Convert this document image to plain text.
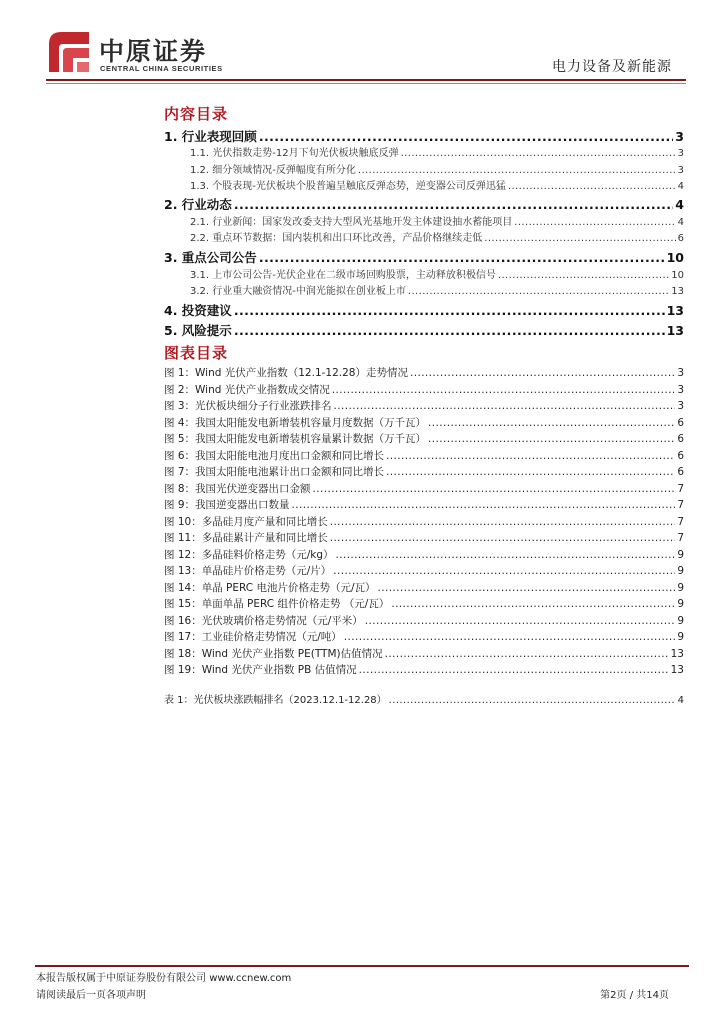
中原证券
CENTRAL CHINA SECURITIES	电力设备及新能源
内容目录
1. 行业表现回顾 .....	3
1.1. 光伏指数走势-12月下旬光伏板块触底反弹 .....	3
1.2. 细分领域情况-反弹幅度有所分化 .....	3
1.3. 个股表现-光伏板块个股普遍呈触底反弹态势，逆变器公司反弹迅猛 .....	4
2. 行业动态 .....	4
2.1. 行业新闻：国家发改委支持大型风光基地开发主体建设抽水蓄能项目 .....	4
2.2. 重点环节数据：国内装机和出口环比改善，产品价格继续走低 .....	6
3. 重点公司公告 .....	10
3.1. 上市公司公告-光伏企业在二级市场回购股票，主动释放积极信号 .....	10
3.2. 行业重大融资情况-中润光能拟在创业板上市 .....	13
4. 投资建议 .....	13
5. 风险提示 .....	13
图表目录
图 1：Wind 光伏产业指数（12.1-12.28）走势情况 .....	3
图 2：Wind 光伏产业指数成交情况 .....	3
图 3：光伏板块细分子行业涨跌排名 .....	3
图 4：我国太阳能发电新增装机容量月度数据（万千瓦） .....	6
图 5：我国太阳能发电新增装机容量累计数据（万千瓦） .....	6
图 6：我国太阳能电池月度出口金额和同比增长 .....	6
图 7：我国太阳能电池累计出口金额和同比增长 .....	6
图 8：我国光伏逆变器出口金额 .....	7
图 9：我国逆变器出口数量 .....	7
图 10：多晶硅月度产量和同比增长 .....	7
图 11：多晶硅累计产量和同比增长 .....	7
图 12：多晶硅料价格走势（元/kg） .....	9
图 13：单晶硅片价格走势（元/片） .....	9
图 14：单晶 PERC 电池片价格走势（元/瓦） .....	9
图 15：单面单晶 PERC 组件价格走势 （元/瓦） .....	9
图 16：光伏玻璃价格走势情况（元/平米） .....	9
图 17：工业硅价格走势情况（元/吨） .....	9
图 18：Wind 光伏产业指数 PE(TTM)估值情况 .....	13
图 19：Wind 光伏产业指数 PB 估值情况 .....	13
表 1：光伏板块涨跌幅排名（2023.12.1-12.28） .....	4
本报告版权属于中原证券股份有限公司 www.ccnew.com
请阅读最后一页各项声明	第2页 / 共14页
